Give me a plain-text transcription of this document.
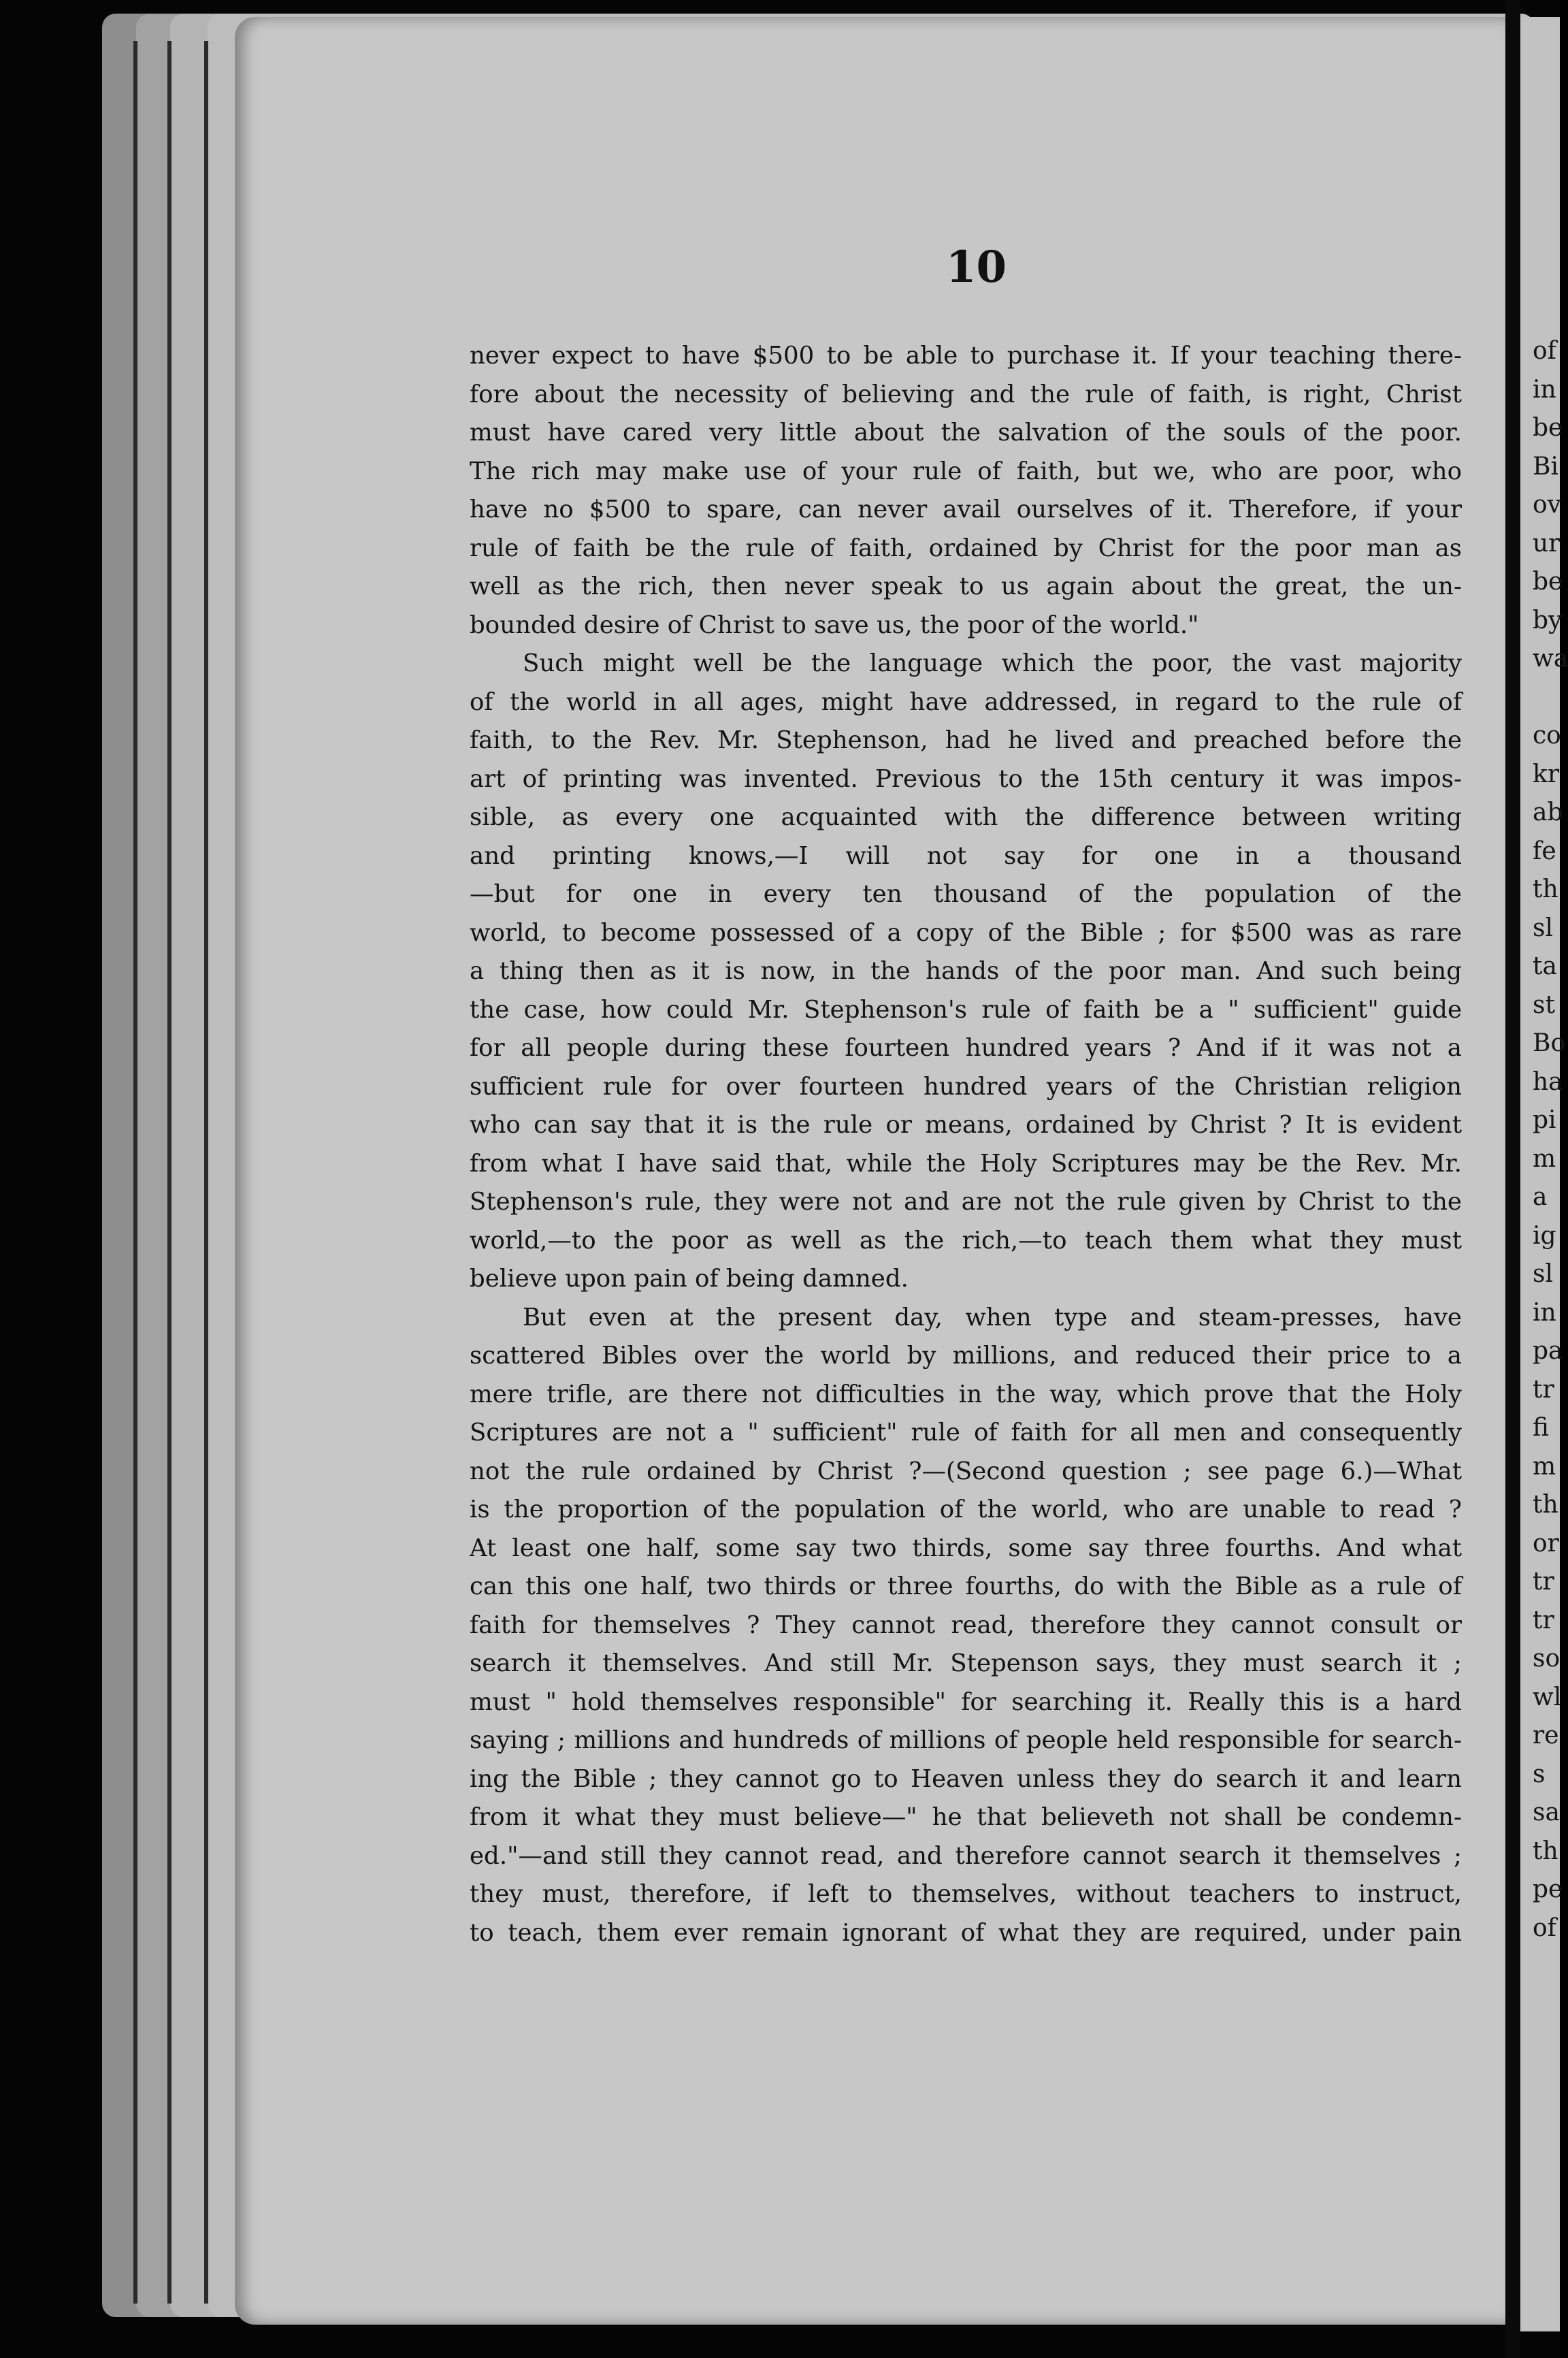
10
never expect to have $500 to be able to purchase it. If your teaching there-
fore about the necessity of believing and the rule of faith, is right, Christ
must have cared very little about the salvation of the souls of the poor.
The rich may make use of your rule of faith, but we, who are poor, who
have no $500 to spare, can never avail ourselves of it. Therefore, if your
rule of faith be the rule of faith, ordained by Christ for the poor man as
well as the rich, then never speak to us again about the great, the un-
bounded desire of Christ to save us, the poor of the world."
Such might well be the language which the poor, the vast majority
of the world in all ages, might have addressed, in regard to the rule of
faith, to the Rev. Mr. Stephenson, had he lived and preached before the
art of printing was invented. Previous to the 15th century it was impos-
sible, as every one acquainted with the difference between writing
and printing knows,—I will not say for one in a thousand
—but for one in every ten thousand of the population of the
world, to become possessed of a copy of the Bible ; for $500 was as rare
a thing then as it is now, in the hands of the poor man. And such being
the case, how could Mr. Stephenson's rule of faith be a " sufficient" guide
for all people during these fourteen hundred years ? And if it was not a
sufficient rule for over fourteen hundred years of the Christian religion
who can say that it is the rule or means, ordained by Christ ? It is evident
from what I have said that, while the Holy Scriptures may be the Rev. Mr.
Stephenson's rule, they were not and are not the rule given by Christ to the
world,—to the poor as well as the rich,—to teach them what they must
believe upon pain of being damned.
But even at the present day, when type and steam-presses, have
scattered Bibles over the world by millions, and reduced their price to a
mere trifle, are there not difficulties in the way, which prove that the Holy
Scriptures are not a " sufficient" rule of faith for all men and consequently
not the rule ordained by Christ ?—(Second question ; see page 6.)—What
is the proportion of the population of the world, who are unable to read ?
At least one half, some say two thirds, some say three fourths. And what
can this one half, two thirds or three fourths, do with the Bible as a rule of
faith for themselves ? They cannot read, therefore they cannot consult or
search it themselves. And still Mr. Stepenson says, they must search it ;
must " hold themselves responsible" for searching it. Really this is a hard
saying ; millions and hundreds of millions of people held responsible for search-
ing the Bible ; they cannot go to Heaven unless they do search it and learn
from it what they must believe—" he that believeth not shall be condemn-
ed."—and still they cannot read, and therefore cannot search it themselves ;
they must, therefore, if left to themselves, without teachers to instruct,
to teach, them ever remain ignorant of what they are required, under pain
of
in
be
Bi
ov
ur
be
by
wa
co
kr
ab
fe
th
sl
ta
st
Bo
ha
pi
m
a
ig
sl
in
pa
tr
fi
m
th
or
tr
tr
so
wl
re
s
sa
th
pe
of
